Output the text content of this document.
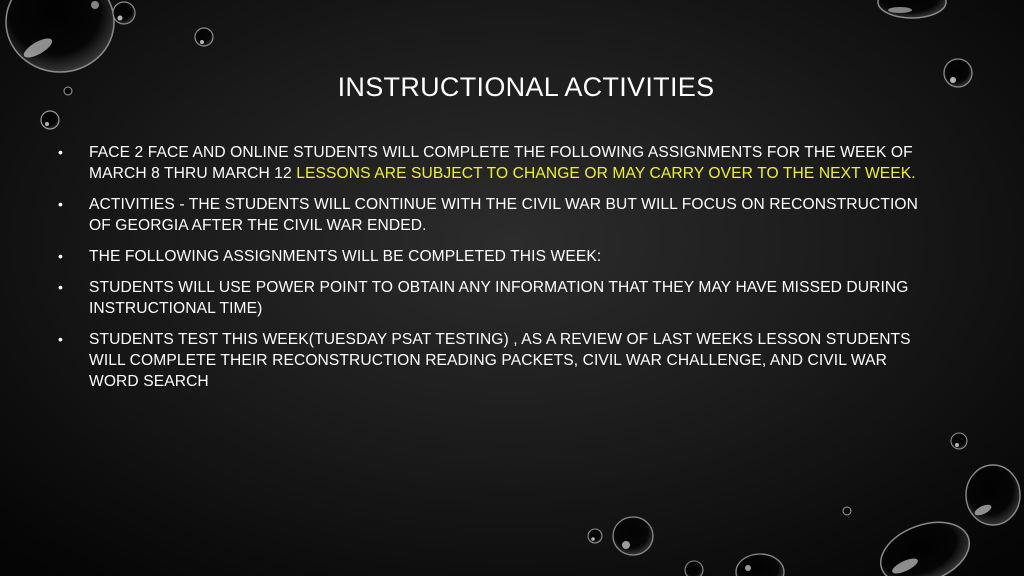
INSTRUCTIONAL ACTIVITIES
• FACE 2 FACE AND ONLINE STUDENTS WILL COMPLETE THE FOLLOWING ASSIGNMENTS FOR THE WEEK OF MARCH 8 THRU MARCH 12 LESSONS ARE SUBJECT TO CHANGE OR MAY CARRY OVER TO THE NEXT WEEK.
• ACTIVITIES - THE STUDENTS WILL CONTINUE WITH THE CIVIL WAR BUT WILL FOCUS ON RECONSTRUCTION OF GEORGIA AFTER THE CIVIL WAR ENDED.
• THE FOLLOWING ASSIGNMENTS WILL BE COMPLETED THIS WEEK:
• STUDENTS WILL USE POWER POINT TO OBTAIN ANY INFORMATION THAT THEY MAY HAVE MISSED DURING INSTRUCTIONAL TIME)
• STUDENTS TEST THIS WEEK(TUESDAY PSAT TESTING) , AS A REVIEW OF LAST WEEKS LESSON STUDENTS WILL COMPLETE THEIR RECONSTRUCTION READING PACKETS, CIVIL WAR CHALLENGE, AND CIVIL WAR WORD SEARCH
